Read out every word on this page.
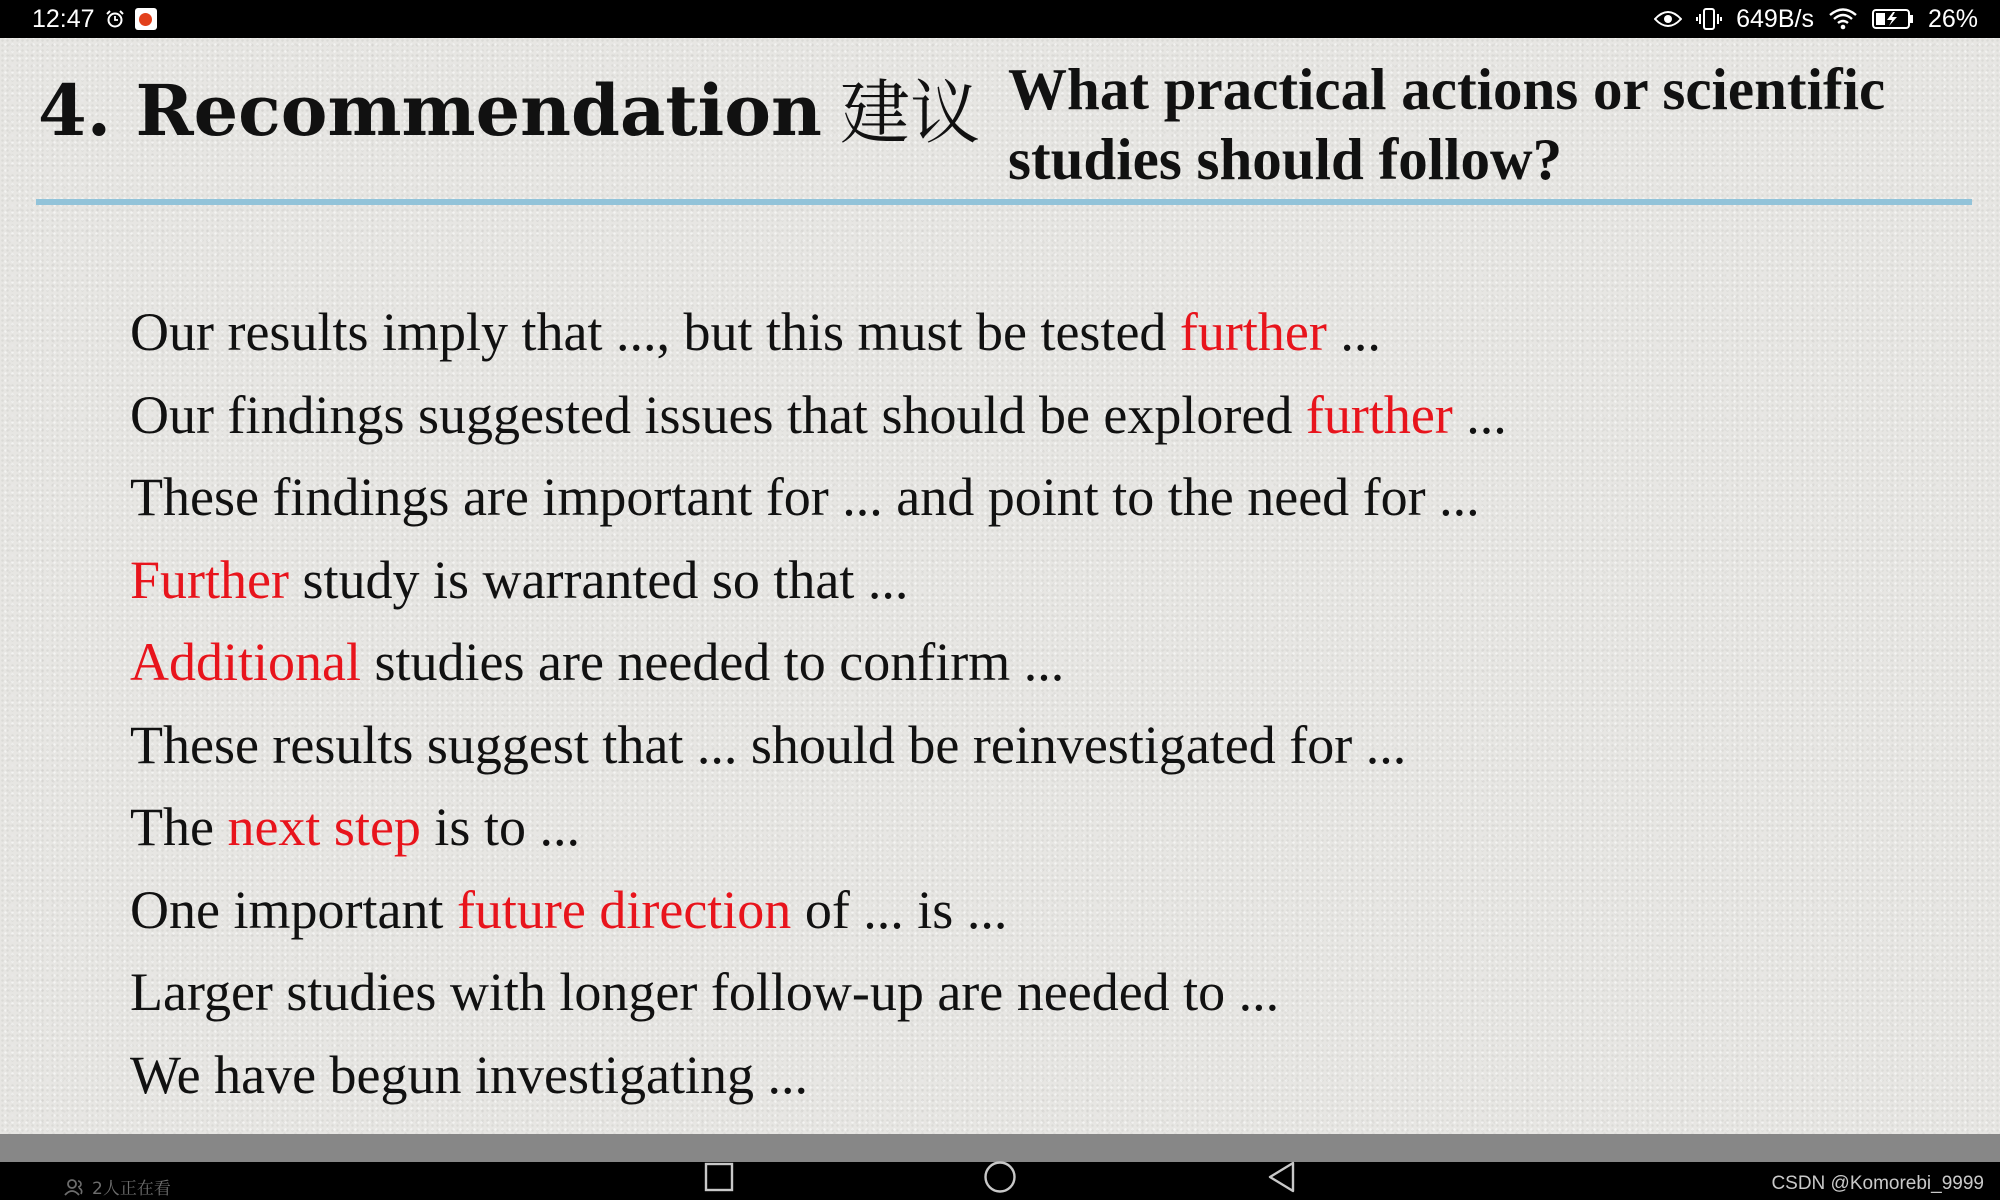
12:47	649B/s	26%
4. Recommendation 建议 What practical actions or scientific studies should follow?
Our results imply that ..., but this must be tested further ...
Our findings suggested issues that should be explored further ...
These findings are important for ... and point to the need for ...
Further study is warranted so that ...
Additional studies are needed to confirm ...
These results suggest that ... should be reinvestigated for ...
The next step is to ...
One important future direction of ... is ...
Larger studies with longer follow-up are needed to ...
We have begun investigating ...
2人正在看	CSDN @Komorebi_9999
